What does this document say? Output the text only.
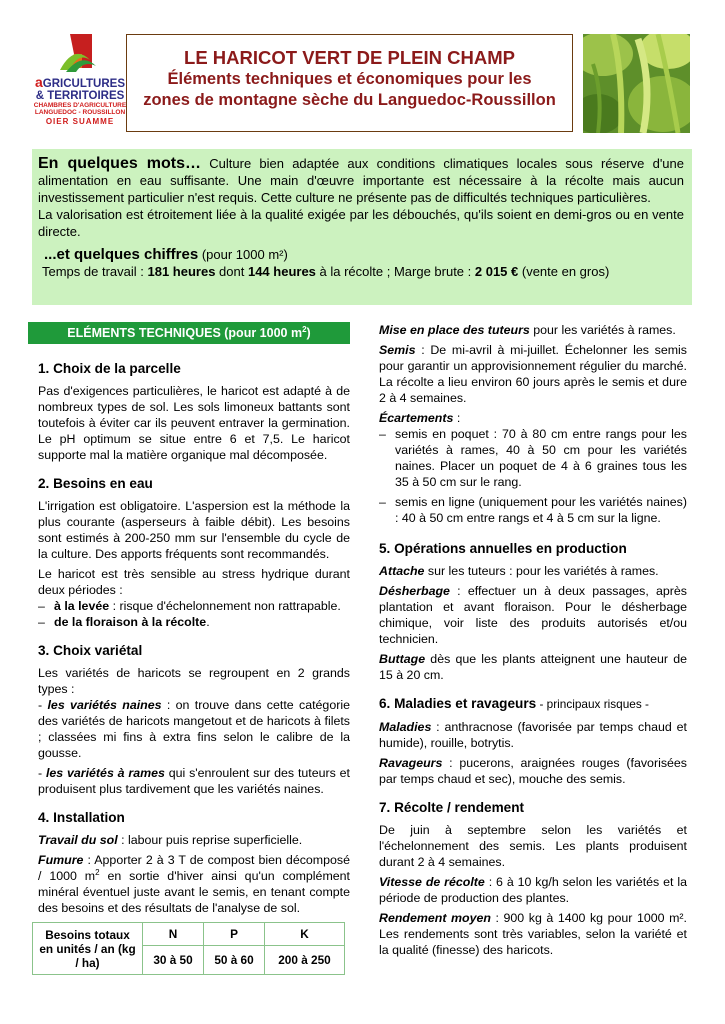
aGRICULTURES
& TERRITOIRES
CHAMBRES D'AGRICULTURE
LANGUEDOC - ROUSSILLON
OIER SUAMME
LE HARICOT VERT DE PLEIN CHAMP
Éléments techniques et économiques pour les
zones de montagne sèche du Languedoc-Roussillon

En quelques mots… Culture bien adaptée aux conditions climatiques locales sous réserve d'une alimentation en eau suffisante. Une main d'œuvre importante est nécessaire à la récolte mais aucun investissement particulier n'est requis. Cette culture ne présente pas de difficultés techniques particulières.

La valorisation est étroitement liée à la qualité exigée par les débouchés, qu'ils soient en demi-gros ou en vente directe.

...et quelques chiffres (pour 1000 m²)
Temps de travail : 181 heures dont 144 heures à la récolte ; Marge brute : 2 015 € (vente en gros)
ELÉMENTS TECHNIQUES (pour 1000 $m^2$)
1. Choix de la parcelle

Pas d'exigences particulières, le haricot est adapté à de nombreux types de sol. Les sols limoneux battants sont toutefois à éviter car ils peuvent entraver la germination. Le pH optimum se situe entre 6 et 7,5. Le haricot supporte mal la matière organique mal décomposée.

2. Besoins en eau

L'irrigation est obligatoire. L'aspersion est la méthode la plus courante (asperseurs à faible débit). Les besoins sont estimés à 200-250 mm sur l'ensemble du cycle de la culture. Des apports fréquents sont recommandés.

Le haricot est très sensible au stress hydrique durant deux périodes :

– à la levée : risque d'échelonnement non rattrapable.
– de la floraison à la récolte.
3. Choix variétal

Les variétés de haricots se regroupent en 2 grands types :

- les variétés naines : on trouve dans cette catégorie des variétés de haricots mangetout et de haricots à filets ; classées mi fins à extra fins selon le calibre de la gousse.

- les variétés à rames qui s'enroulent sur des tuteurs et produisent plus tardivement que les variétés naines.

4. Installation

Travail du sol : labour puis reprise superficielle.

Fumure : Apporter 2 à 3 T de compost bien décomposé / 1000 $m^2$ en sortie d'hiver ainsi qu'un complément minéral éventuel juste avant le semis, en tenant compte des besoins et des résultats de l'analyse de sol.

Besoins totaux en unités / an (kg / ha)	N	P	K
	30 à 50	50 à 60	200 à 250

Mise en place des tuteurs pour les variétés à rames.

Semis : De mi-avril à mi-juillet. Échelonner les semis pour garantir un approvisionnement régulier du marché. La récolte a lieu environ 60 jours après le semis et dure 2 à 4 semaines.

Écartements :

– semis en poquet : 70 à 80 cm entre rangs pour les variétés à rames, 40 à 50 cm pour les variétés naines. Placer un poquet de 4 à 6 graines tous les 35 à 50 cm sur le rang.
– semis en ligne (uniquement pour les variétés naines) : 40 à 50 cm entre rangs et 4 à 5 cm sur la ligne.
5. Opérations annuelles en production

Attache sur les tuteurs : pour les variétés à rames.

Désherbage : effectuer un à deux passages, après plantation et avant floraison. Pour le désherbage chimique, voir liste des produits autorisés et/ou technicien.

Buttage dès que les plants atteignent une hauteur de 15 à 20 cm.

6. Maladies et ravageurs - principaux risques -

Maladies : anthracnose (favorisée par temps chaud et humide), rouille, botrytis.

Ravageurs : pucerons, araignées rouges (favorisées par temps chaud et sec), mouche des semis.

7. Récolte / rendement

De juin à septembre selon les variétés et l'échelonnement des semis. Les plants produisent durant 2 à 4 semaines.

Vitesse de récolte : 6 à 10 kg/h selon les variétés et la période de production des plantes.

Rendement moyen : 900 kg à 1400 kg pour 1000 m². Les rendements sont très variables, selon la variété et la qualité (finesse) des haricots.
